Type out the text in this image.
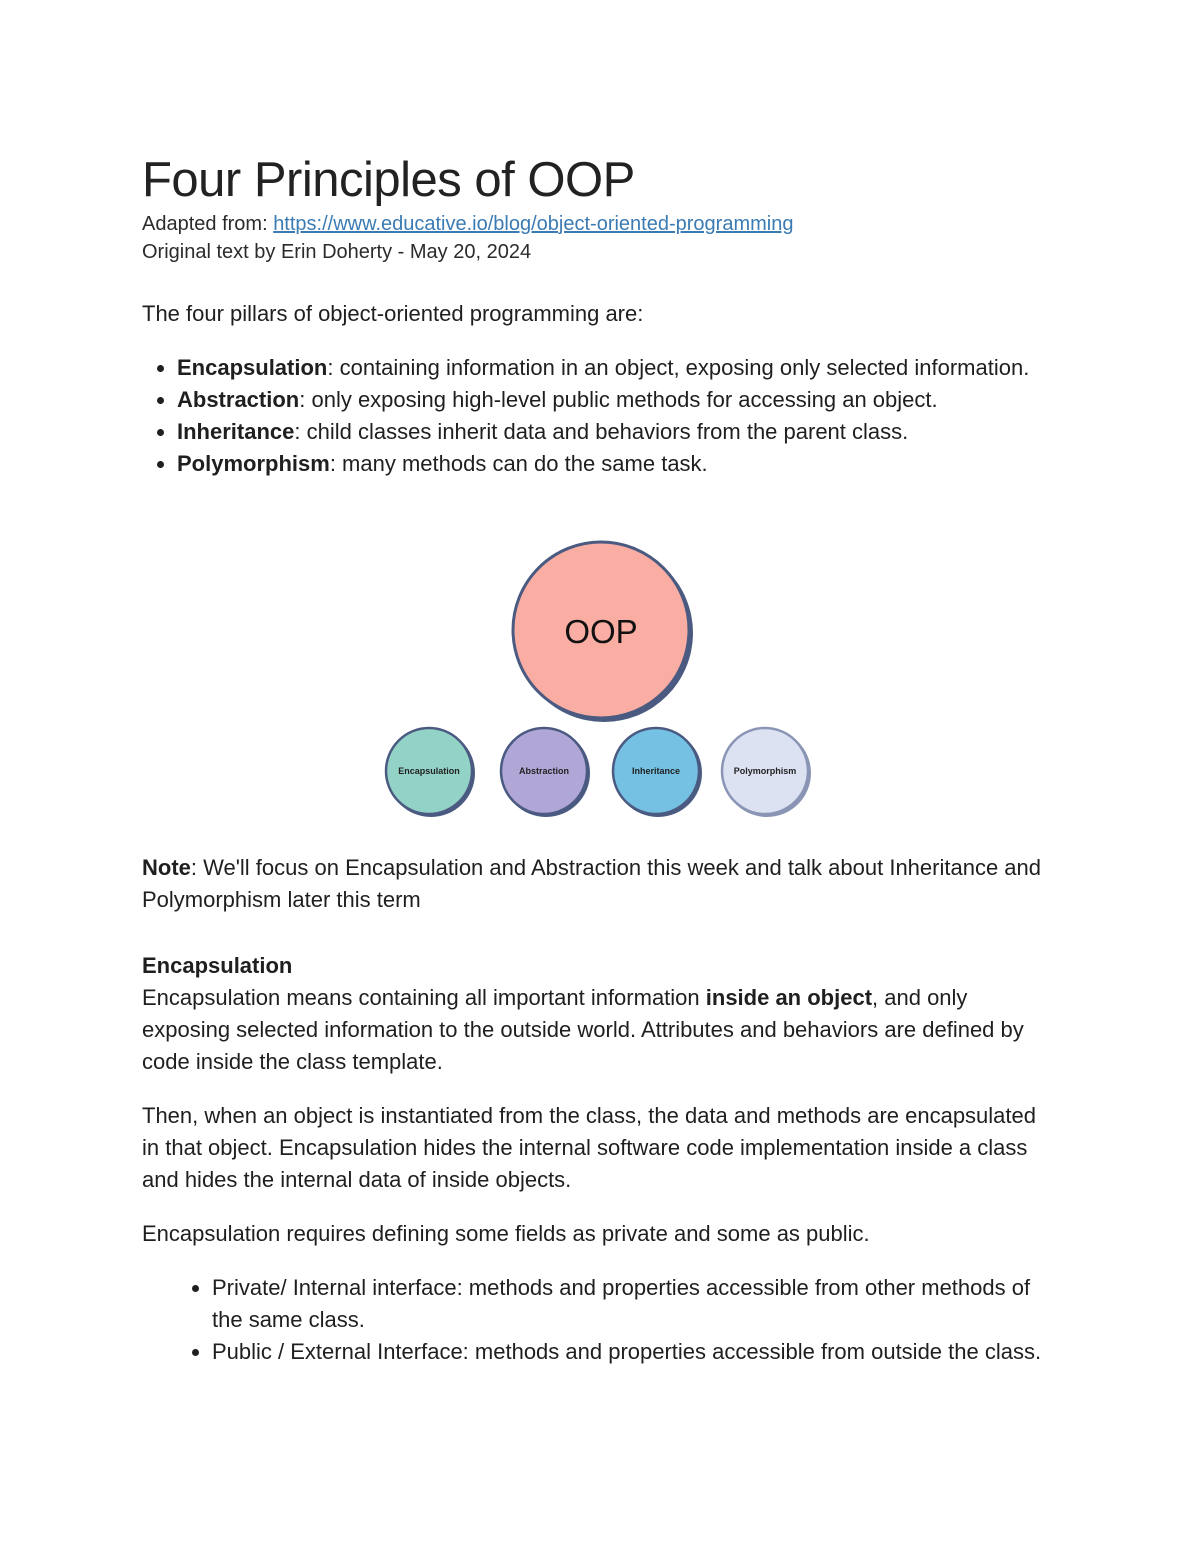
Four Principles of OOP
Adapted from: https://www.educative.io/blog/object-oriented-programming
Original text by Erin Doherty - May 20, 2024

The four pillars of object-oriented programming are:

• Encapsulation: containing information in an object, exposing only selected information.
• Abstraction: only exposing high-level public methods for accessing an object.
• Inheritance: child classes inherit data and behaviors from the parent class.
• Polymorphism: many methods can do the same task.
OOP
Encapsulation	Abstraction	Inheritance	Polymorphism

Note: We'll focus on Encapsulation and Abstraction this week and talk about Inheritance and Polymorphism later this term

Encapsulation

Encapsulation means containing all important information inside an object, and only exposing selected information to the outside world. Attributes and behaviors are defined by code inside the class template.

Then, when an object is instantiated from the class, the data and methods are encapsulated in that object. Encapsulation hides the internal software code implementation inside a class and hides the internal data of inside objects.

Encapsulation requires defining some fields as private and some as public.

• Private/ Internal interface: methods and properties accessible from other methods of the same class.
• Public / External Interface: methods and properties accessible from outside the class.
